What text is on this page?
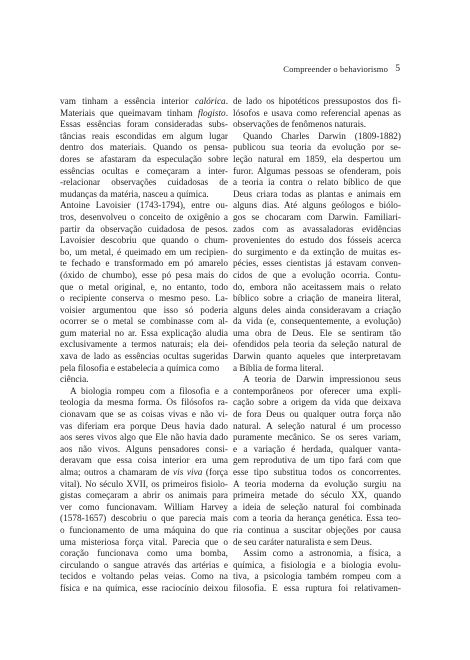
Compreender o behaviorismo 5
vam tinham a essência interior calórica.
Materiais que queimavam tinham flogisto.
Essas essências foram consideradas subs-
tâncias reais escondidas em algum lugar
dentro dos materiais. Quando os pensa-
dores se afastaram da especulação sobre
essências ocultas e começaram a inter-
-relacionar observações cuidadosas de
mudanças da matéria, nasceu a química.
Antoine Lavoisier (1743-1794), entre ou-
tros, desenvolveu o conceito de oxigênio a
partir da observação cuidadosa de pesos.
Lavoisier descobriu que quando o chum-
bo, um metal, é queimado em um recipien-
te fechado e transformado em pó amarelo
(óxido de chumbo), esse pó pesa mais do
que o metal original, e, no entanto, todo
o recipiente conserva o mesmo peso. La-
voisier argumentou que isso só poderia
ocorrer se o metal se combinasse com al-
gum material no ar. Essa explicação aludia
exclusivamente a termos naturais; ela dei-
xava de lado as essências ocultas sugeridas
pela filosofia e estabelecia a química como
ciência.
A biologia rompeu com a filosofia e a
teologia da mesma forma. Os filósofos ra-
cionavam que se as coisas vivas e não vi-
vas diferiam era porque Deus havia dado
aos seres vivos algo que Ele não havia dado
aos não vivos. Alguns pensadores consi-
deravam que essa coisa interior era uma
alma; outros a chamaram de vis viva (força
vital). No século XVII, os primeiros fisiolo-
gistas começaram a abrir os animais para
ver como funcionavam. William Harvey
(1578-1657) descobriu o que parecia mais
o funcionamento de uma máquina do que
uma misteriosa força vital. Parecia que o
coração funcionava como uma bomba,
circulando o sangue através das artérias e
tecidos e voltando pelas veias. Como na
física e na química, esse raciocínio deixou
de lado os hipotéticos pressupostos dos fi-
lósofos e usava como referencial apenas as
observações de fenômenos naturais.
Quando Charles Darwin (1809-1882)
publicou sua teoria da evolução por se-
leção natural em 1859, ela despertou um
furor. Algumas pessoas se ofenderam, pois
a teoria ia contra o relato bíblico de que
Deus criara todas as plantas e animais em
alguns dias. Até alguns geólogos e biólo-
gos se chocaram com Darwin. Familiari-
zados com as avassaladoras evidências
provenientes do estudo dos fósseis acerca
do surgimento e da extinção de muitas es-
pécies, esses cientistas já estavam conven-
cidos de que a evolução ocorria. Contu-
do, embora não aceitassem mais o relato
bíblico sobre a criação de maneira literal,
alguns deles ainda consideravam a criação
da vida (e, consequentemente, a evolução)
uma obra de Deus. Ele se sentiram tão
ofendidos pela teoria da seleção natural de
Darwin quanto aqueles que interpretavam
a Bíblia de forma literal.
A teoria de Darwin impressionou seus
contemporâneos por oferecer uma expli-
cação sobre a origem da vida que deixava
de fora Deus ou qualquer outra força não
natural. A seleção natural é um processo
puramente mecânico. Se os seres variam,
e a variação é herdada, qualquer vanta-
gem reprodutiva de um tipo fará com que
esse tipo substitua todos os concorrentes.
A teoria moderna da evolução surgiu na
primeira metade do século XX, quando
a ideia de seleção natural foi combinada
com a teoria da herança genética. Essa teo-
ria continua a suscitar objeções por causa
de seu caráter naturalista e sem Deus.
Assim como a astronomia, a física, a
química, a fisiologia e a biologia evolu-
tiva, a psicologia também rompeu com a
filosofia. E essa ruptura foi relativamen-
